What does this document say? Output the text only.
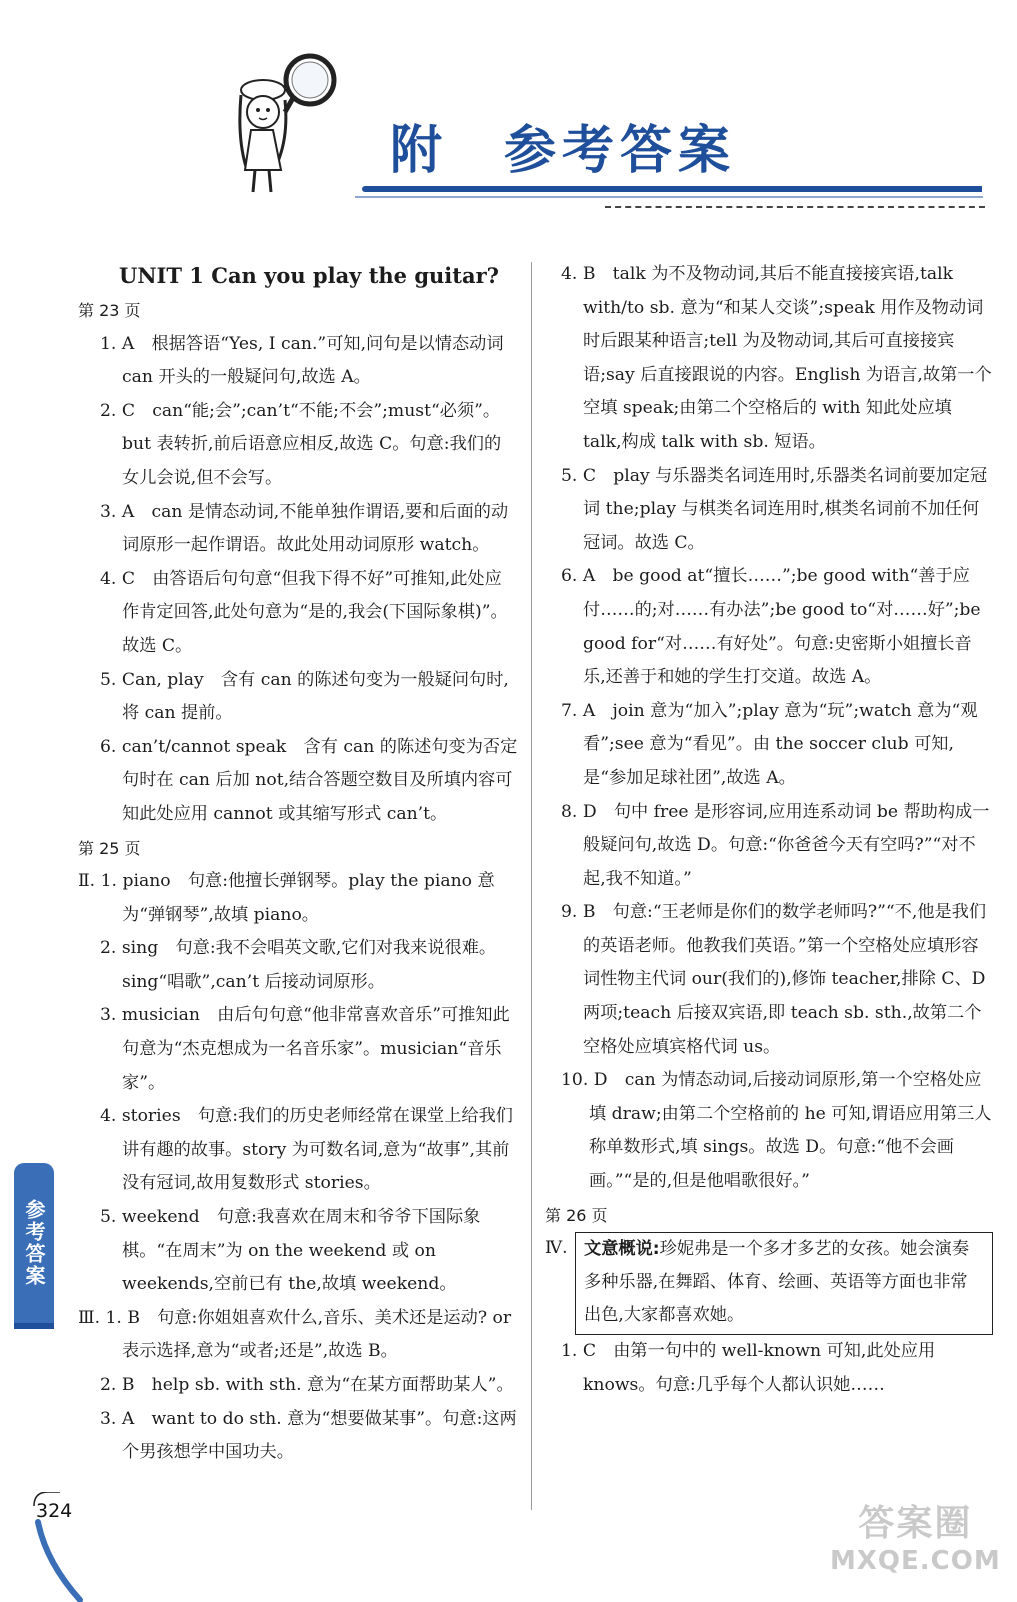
附 参考答案

UNIT 1 Can you play the guitar?

第 23 页

1. A　根据答语“Yes, I can.”可知,问句是以情态动词 can 开头的一般疑问句,故选 A。

2. C　can“能;会”;can’t“不能;不会”;must“必须”。but 表转折,前后语意应相反,故选 C。句意:我们的女儿会说,但不会写。

3. A　can 是情态动词,不能单独作谓语,要和后面的动词原形一起作谓语。故此处用动词原形 watch。

4. C　由答语后句句意“但我下得不好”可推知,此处应作肯定回答,此处句意为“是的,我会(下国际象棋)”。故选 C。

5. Can, play　含有 can 的陈述句变为一般疑问句时,将 can 提前。

6. can’t/cannot speak　含有 can 的陈述句变为否定句时在 can 后加 not,结合答题空数目及所填内容可知此处应用 cannot 或其缩写形式 can’t。

第 25 页

Ⅱ. 1. piano　句意:他擅长弹钢琴。play the piano 意为“弹钢琴”,故填 piano。

2. sing　句意:我不会唱英文歌,它们对我来说很难。sing“唱歌”,can’t 后接动词原形。

3. musician　由后句句意“他非常喜欢音乐”可推知此句意为“杰克想成为一名音乐家”。musician“音乐家”。

4. stories　句意:我们的历史老师经常在课堂上给我们讲有趣的故事。story 为可数名词,意为“故事”,其前没有冠词,故用复数形式 stories。

5. weekend　句意:我喜欢在周末和爷爷下国际象棋。“在周末”为 on the weekend 或 on weekends,空前已有 the,故填 weekend。

Ⅲ. 1. B　句意:你姐姐喜欢什么,音乐、美术还是运动? or 表示选择,意为“或者;还是”,故选 B。

2. B　help sb. with sth. 意为“在某方面帮助某人”。

3. A　want to do sth. 意为“想要做某事”。句意:这两个男孩想学中国功夫。

4. B　talk 为不及物动词,其后不能直接接宾语,talk with/to sb. 意为“和某人交谈”;speak 用作及物动词时后跟某种语言;tell 为及物动词,其后可直接接宾语;say 后直接跟说的内容。English 为语言,故第一个空填 speak;由第二个空格后的 with 知此处应填 talk,构成 talk with sb. 短语。

5. C　play 与乐器类名词连用时,乐器类名词前要加定冠词 the;play 与棋类名词连用时,棋类名词前不加任何冠词。故选 C。

6. A　be good at“擅长……”;be good with“善于应付……的;对……有办法”;be good to“对……好”;be good for“对……有好处”。句意:史密斯小姐擅长音乐,还善于和她的学生打交道。故选 A。

7. A　join 意为“加入”;play 意为“玩”;watch 意为“观看”;see 意为“看见”。由 the soccer club 可知,是“参加足球社团”,故选 A。

8. D　句中 free 是形容词,应用连系动词 be 帮助构成一般疑问句,故选 D。句意:“你爸爸今天有空吗?”“对不起,我不知道。”

9. B　句意:“王老师是你们的数学老师吗?”“不,他是我们的英语老师。他教我们英语。”第一个空格处应填形容词性物主代词 our(我们的),修饰 teacher,排除 C、D 两项;teach 后接双宾语,即 teach sb. sth.,故第二个空格处应填宾格代词 us。

10. D　can 为情态动词,后接动词原形,第一个空格处应填 draw;由第二个空格前的 he 可知,谓语应用第三人称单数形式,填 sings。故选 D。句意:“他不会画画。”“是的,但是他唱歌很好。”

第 26 页

Ⅳ. 文意概说:珍妮弗是一个多才多艺的女孩。她会演奏多种乐器,在舞蹈、体育、绘画、英语等方面也非常出色,大家都喜欢她。

1. C　由第一句中的 well-known 可知,此处应用 knows。句意:几乎每个人都认识她……

参考答案
324	答案圈
MXQE.COM
